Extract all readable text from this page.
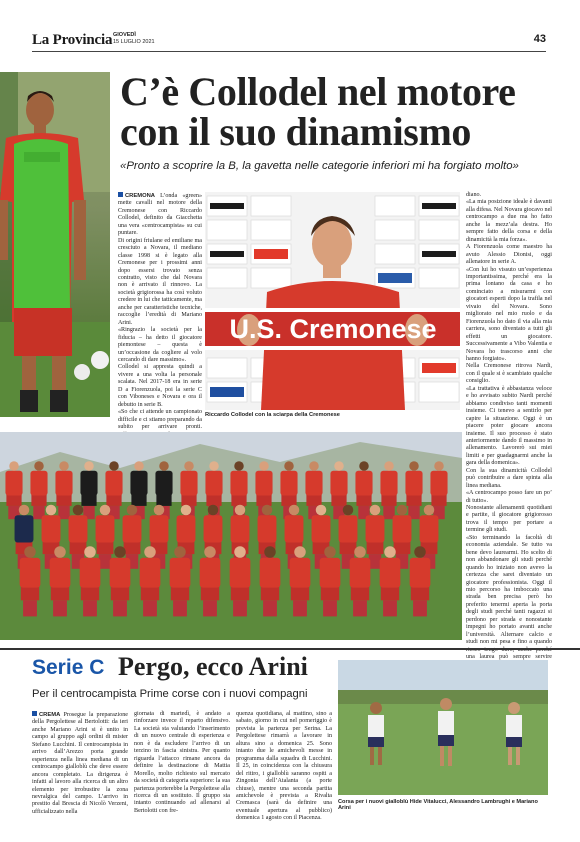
La Provincia GIOVEDÌ
15 LUGLIO 2021	43
C’è Collodel nel motore con il suo dinamismo
«Pronto a scoprire la B, la gavetta nelle categorie inferiori mi ha forgiato molto»

CREMONA L’onda «green» mette cavalli nel motore della Cremonese con Riccardo Collodel, definito da Giacchetta una vera «centrocampista» su cui puntare.

Di origini friulane ed emiliane ma cresciuto a Novara, il mediano classe 1998 si è legato alla Cremonese per i prossimi anni dopo essersi trovato senza contratto, visto che dal Novara non è arrivato il rinnovo. La società grigiorossa ha così voluto credere in lui che tatticamente, ma anche per caratteristiche tecniche, raccoglie l’eredità di Mariano Arini.

«Ringrazio la società per la fiducia – ha detto il giocatore piemontese – questa è un’occasione da cogliere al volo cercando di dare massimo».

Collodel si appresta quindi a vivere a una volta la personale scalata. Nel 2017-18 era in serie D a Fiorenzuola, poi la serie C con Viboneses e Novara e ora il debutto in serie B.

«So che ci attende un campionato difficile e ci stiamo preparando da subito per arrivare pronti.

U.S. Cremonese
Riccardo Collodel con la sciarpa della Cremonese

diano.

«La mia posizione ideale è davanti alla difesa. Nel Novara giocavo nel centrocampo a due ma ho fatto anche la mezz’ala destra. Ho sempre fatto della corsa e della dinamicità la mia forza».

A Fiorenzuola come maestro ha avuto Alessio Dionisi, oggi allenatore in serie A.

«Con lui ho vissuto un’esperienza importantissima, perché era la prima lontano da casa e ho cominciato a misurarmi con giocatori esperti dopo la trafila nel vivaio del Novara. Sono migliorato nel mio ruolo e da Fiorenzuola ho dato il via alla mia carriera, sono diventato a tutti gli effetti un giocatore. Successivamente a Vibo Valentia e Novara ho trascorso anni che hanno forgiato».

Nella Cremonese ritrova Nardi, con il quale si è scambiato qualche consiglio.

«La trattativa è abbastanza veloce e ho avvisato subito Nardi perché abbiamo condiviso tanti momenti insieme. Ci tenevo a sentirlo per capire la situazione. Oggi è un piacere poter giocare ancora insieme. Il suo processo è stato anteriormente dando il massimo in allenamento. Lavorerò sui miei limiti e per guadagnarmi anche la gara della domenica».

Con la sua dinamicità Collodel può contribuire a dare spinta alla linea mediana.

«A centrocampo posso fare un po’ di tutto».

Nonostante allenamenti quotidiani e partite, il giocatore grigiorosso trova il tempo per portare a termine gli studi.

«Sto terminando la facoltà di economia aziendale. Se tutto va bene devo laurearmi. Ho scelto di non abbandonare gli studi perché quando ho iniziato non avevo la certezza che sarei diventato un giocatore professionista. Oggi il mio percorso ha imboccato una strada ben precisa però ho preferito tenermi aperta la porta degli studi perché tanti ragazzi si perdono per strada e nonostante impegni ho portato avanti anche l’università. Alternare calcio e studi non mi pesa e fino a quando una laurea può sempre servire

Serie C Pergo, ecco Arini
Per il centrocampista Prime corse con i nuovi compagni

CREMA Prosegue la preparazione della Pergolettese al Bertolotti: da ieri anche Mariano Arini si è unito in campo al gruppo agli ordini di mister Stefano Lucchini. Il centrocampista in arrivo dall’Arezzo porta grande esperienza nella linea mediana di un centrocampo gialloblù che deve essere ancora completato. La dirigenza è infatti al lavoro alla ricerca di un altro elemento per irrobustire la zona nevralgica del campo. L’arrivo in prestito dal Brescia di Nicolò Verzeni, ufficializzato nella

giornata di martedì, è andato a rinforzare invece il reparto difensivo. La società sta valutando l’inserimento di un nuovo centrale di esperienza e non è da escludere l’arrivo di un terzino in fascia sinistra. Per quanto riguarda l’attacco rimane ancora da definire la destinazione di Mattia Morello, molto richiesto sul mercato da società di categoria superiore: la sua partenza porterebbe la Pergolettese alla ricerca di un sostituto. Il gruppo sta intanto continuando ad allenarsi al Bertolotti con fre-

quenza quotidiana, al mattino, sino a sabato, giorno in cui nel pomeriggio è prevista la partenza per Serina. La Pergolettese rimarrà a lavorare in altura sino a domenica 25. Sono intanto due le amichevoli messe in programma dalla squadra di Lucchini. Il 25, in coincidenza con la chiusura del ritiro, i gialloblù saranno ospiti a Zingonia dell’Atalanta (a porte chiuse), mentre una seconda partita amichevole è prevista a Rivalta Cremasca (sarà da definire una eventuale apertura al pubblico) domenica 1 agosto con il Piacenza.

Corsa per i nuovi gialloblù Hide Vitalucci, Alessandro Lambrughi e Mariano Arini
